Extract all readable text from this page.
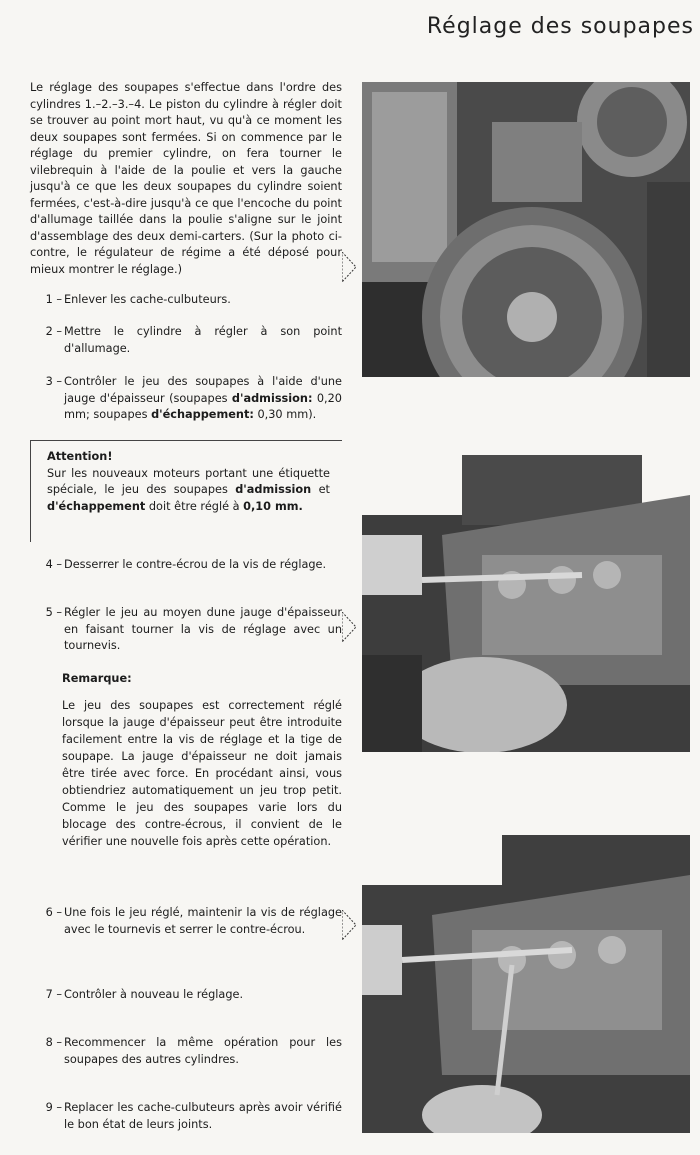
Réglage des soupapes
Le réglage des soupapes s'effectue dans l'ordre des cylindres 1.–2.–3.–4. Le piston du cylindre à régler doit se trouver au point mort haut, vu qu'à ce moment les deux soupapes sont fermées. Si on commence par le réglage du premier cylindre, on fera tourner le vilebrequin à l'aide de la poulie et vers la gauche jusqu'à ce que les deux soupapes du cylindre soient fermées, c'est-à-dire jusqu'à ce que l'encoche du point d'allumage taillée dans la poulie s'aligne sur le joint d'assemblage des deux demi-carters. (Sur la photo ci-contre, le régulateur de régime a été déposé pour mieux montrer le réglage.)
1 – Enlever les cache-culbuteurs.
2 – Mettre le cylindre à régler à son point d'allumage.
3 – Contrôler le jeu des soupapes à l'aide d'une jauge d'épaisseur (soupapes d'admission: 0,20 mm; soupapes d'échappement: 0,30 mm).
Attention!
Sur les nouveaux moteurs portant une étiquette spéciale, le jeu des soupapes d'admission et d'échappement doit être réglé à 0,10 mm.
4 – Desserrer le contre-écrou de la vis de réglage.
5 – Régler le jeu au moyen dune jauge d'épaisseur en faisant tourner la vis de réglage avec un tournevis.
Remarque:
Le jeu des soupapes est correctement réglé lorsque la jauge d'épaisseur peut être introduite facilement entre la vis de réglage et la tige de soupape. La jauge d'épaisseur ne doit jamais être tirée avec force. En procédant ainsi, vous obtiendriez automatiquement un jeu trop petit. Comme le jeu des soupapes varie lors du blocage des contre-écrous, il convient de le vérifier une nouvelle fois après cette opération.
6 – Une fois le jeu réglé, maintenir la vis de réglage avec le tournevis et serrer le contre-écrou.
7 – Contrôler à nouveau le réglage.
8 – Recommencer la même opération pour les soupapes des autres cylindres.
9 – Replacer les cache-culbuteurs après avoir vérifié le bon état de leurs joints.
